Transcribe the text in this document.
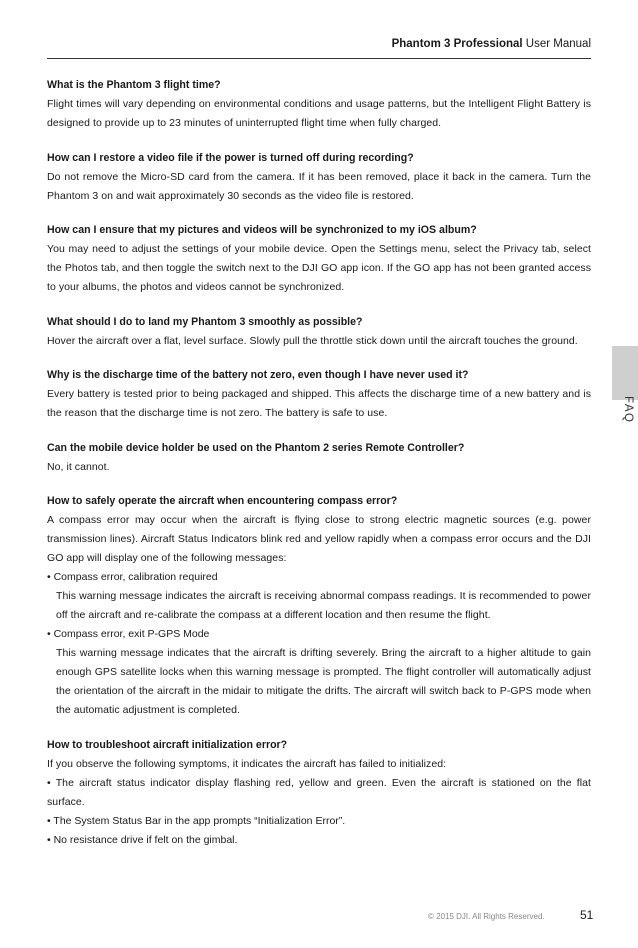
Phantom 3 Professional User Manual
FAQ

What is the Phantom 3 flight time?

Flight times will vary depending on environmental conditions and usage patterns, but the Intelligent Flight Battery is designed to provide up to 23 minutes of uninterrupted flight time when fully charged.

How can I restore a video file if the power is turned off during recording?

Do not remove the Micro-SD card from the camera. If it has been removed, place it back in the camera. Turn the Phantom 3 on and wait approximately 30 seconds as the video file is restored.

How can I ensure that my pictures and videos will be synchronized to my iOS album?

You may need to adjust the settings of your mobile device. Open the Settings menu, select the Privacy tab, select the Photos tab, and then toggle the switch next to the DJI GO app icon. If the GO app has not been granted access to your albums, the photos and videos cannot be synchronized.

What should I do to land my Phantom 3 smoothly as possible?

Hover the aircraft over a flat, level surface. Slowly pull the throttle stick down until the aircraft touches the ground.

Why is the discharge time of the battery not zero, even though I have never used it?

Every battery is tested prior to being packaged and shipped. This affects the discharge time of a new battery and is the reason that the discharge time is not zero. The battery is safe to use.

Can the mobile device holder be used on the Phantom 2 series Remote Controller?

No, it cannot.

How to safely operate the aircraft when encountering compass error?

A compass error may occur when the aircraft is flying close to strong electric magnetic sources (e.g. power transmission lines). Aircraft Status Indicators blink red and yellow rapidly when a compass error occurs and the DJI GO app will display one of the following messages:

• Compass error, calibration required

This warning message indicates the aircraft is receiving abnormal compass readings. It is recommended to power off the aircraft and re-calibrate the compass at a different location and then resume the flight.

• Compass error, exit P-GPS Mode

This warning message indicates that the aircraft is drifting severely. Bring the aircraft to a higher altitude to gain enough GPS satellite locks when this warning message is prompted. The flight controller will automatically adjust the orientation of the aircraft in the midair to mitigate the drifts. The aircraft will switch back to P-GPS mode when the automatic adjustment is completed.

How to troubleshoot aircraft initialization error?

If you observe the following symptoms, it indicates the aircraft has failed to initialized:

• The aircraft status indicator display flashing red, yellow and green. Even the aircraft is stationed on the flat surface.

• The System Status Bar in the app prompts “Initialization Error”.

• No resistance drive if felt on the gimbal.

© 2015 DJI. All Rights Reserved.	51
